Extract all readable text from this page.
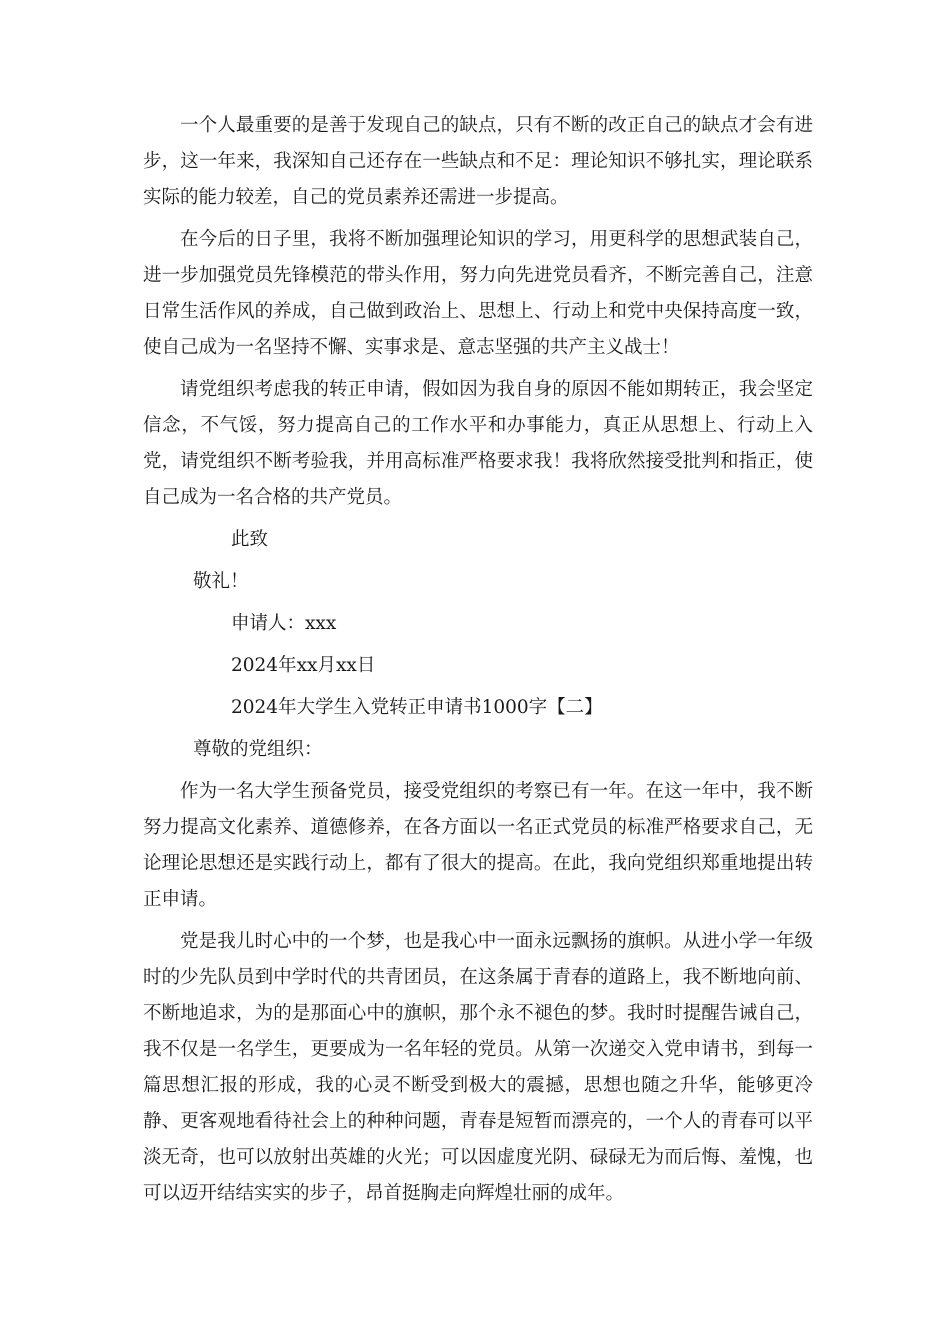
一个人最重要的是善于发现自己的缺点，只有不断的改正自己的缺点才会有进步，这一年来，我深知自己还存在一些缺点和不足：理论知识不够扎实，理论联系实际的能力较差，自己的党员素养还需进一步提高。

在今后的日子里，我将不断加强理论知识的学习，用更科学的思想武装自己，进一步加强党员先锋模范的带头作用，努力向先进党员看齐，不断完善自己，注意日常生活作风的养成，自己做到政治上、思想上、行动上和党中央保持高度一致，使自己成为一名坚持不懈、实事求是、意志坚强的共产主义战士！

请党组织考虑我的转正申请，假如因为我自身的原因不能如期转正，我会坚定信念，不气馁，努力提高自己的工作水平和办事能力，真正从思想上、行动上入党，请党组织不断考验我，并用高标准严格要求我！我将欣然接受批判和指正，使自己成为一名合格的共产党员。

此致

敬礼！

申请人：xxx

2024年xx月xx日

2024年大学生入党转正申请书1000字【二】

尊敬的党组织：

作为一名大学生预备党员，接受党组织的考察已有一年。在这一年中，我不断努力提高文化素养、道德修养，在各方面以一名正式党员的标准严格要求自己，无论理论思想还是实践行动上，都有了很大的提高。在此，我向党组织郑重地提出转正申请。

党是我儿时心中的一个梦，也是我心中一面永远飘扬的旗帜。从进小学一年级时的少先队员到中学时代的共青团员，在这条属于青春的道路上，我不断地向前、不断地追求，为的是那面心中的旗帜，那个永不褪色的梦。我时时提醒告诫自己，我不仅是一名学生，更要成为一名年轻的党员。从第一次递交入党申请书，到每一篇思想汇报的形成，我的心灵不断受到极大的震撼，思想也随之升华，能够更冷静、更客观地看待社会上的种种问题，青春是短暂而漂亮的，一个人的青春可以平淡无奇，也可以放射出英雄的火光；可以因虚度光阴、碌碌无为而后悔、羞愧，也可以迈开结结实实的步子，昂首挺胸走向辉煌壮丽的成年。
